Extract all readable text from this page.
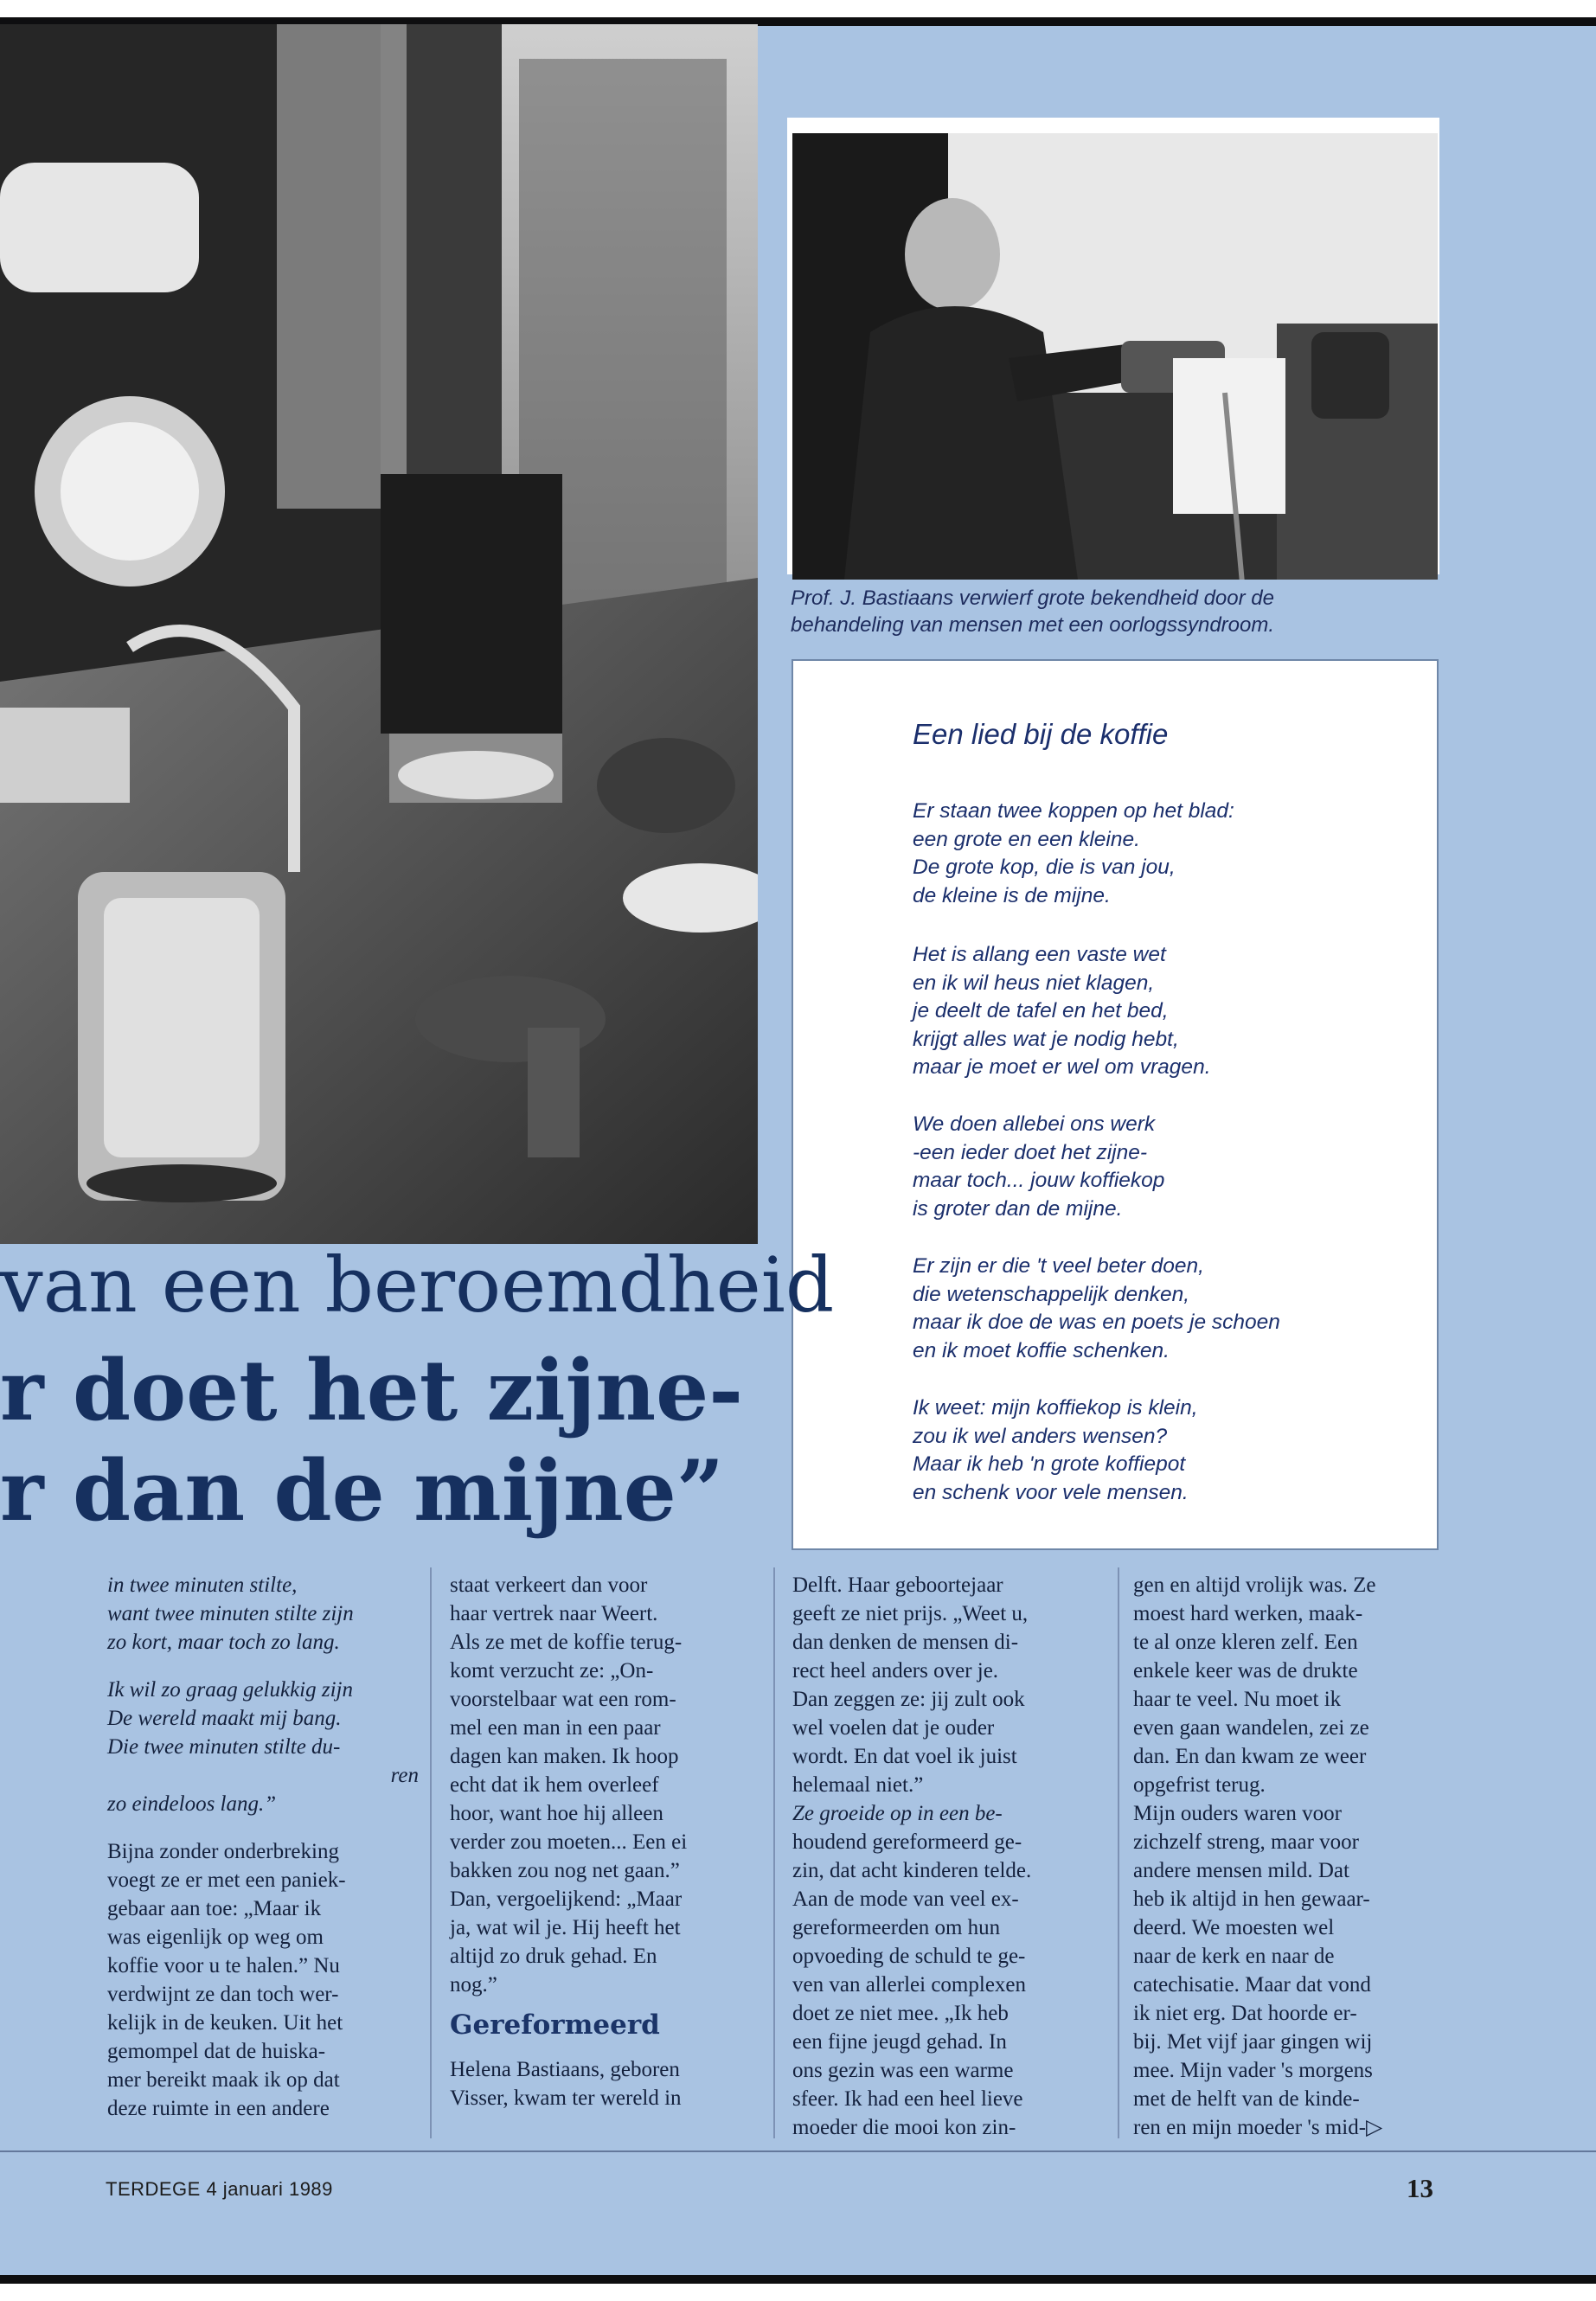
Prof. J. Bastiaans verwierf grote bekendheid door de
behandeling van mensen met een oorlogssyndroom.
Een lied bij de koffie
Er staan twee koppen op het blad:
een grote en een kleine.
De grote kop, die is van jou,
de kleine is de mijne.
Het is allang een vaste wet
en ik wil heus niet klagen,
je deelt de tafel en het bed,
krijgt alles wat je nodig hebt,
maar je moet er wel om vragen.
We doen allebei ons werk
-een ieder doet het zijne-
maar toch... jouw koffiekop
is groter dan de mijne.
Er zijn er die 't veel beter doen,
die wetenschappelijk denken,
maar ik doe de was en poets je schoen
en ik moet koffie schenken.
Ik weet: mijn koffiekop is klein,
zou ik wel anders wensen?
Maar ik heb 'n grote koffiepot
en schenk voor vele mensen.
van een beroemdheid
r doet het zijne-
r dan de mijne”
in twee minuten stilte,
want twee minuten stilte zijn
zo kort, maar toch zo lang.
Ik wil zo graag gelukkig zijn
De wereld maakt mij bang.
Die twee minuten stilte du-
ren
zo eindeloos lang.”
Bijna zonder onderbreking
voegt ze er met een paniek-
gebaar aan toe: „Maar ik
was eigenlijk op weg om
koffie voor u te halen.” Nu
verdwijnt ze dan toch wer-
kelijk in de keuken. Uit het
gemompel dat de huiska-
mer bereikt maak ik op dat
deze ruimte in een andere
staat verkeert dan voor
haar vertrek naar Weert.
Als ze met de koffie terug-
komt verzucht ze: „On-
voorstelbaar wat een rom-
mel een man in een paar
dagen kan maken. Ik hoop
echt dat ik hem overleef
hoor, want hoe hij alleen
verder zou moeten... Een ei
bakken zou nog net gaan.”
Dan, vergoelijkend: „Maar
ja, wat wil je. Hij heeft het
altijd zo druk gehad. En
nog.”
Gereformeerd
Helena Bastiaans, geboren
Visser, kwam ter wereld in
Delft. Haar geboortejaar
geeft ze niet prijs. „Weet u,
dan denken de mensen di-
rect heel anders over je.
Dan zeggen ze: jij zult ook
wel voelen dat je ouder
wordt. En dat voel ik juist
helemaal niet.”
Ze groeide op in een be-
houdend gereformeerd ge-
zin, dat acht kinderen telde.
Aan de mode van veel ex-
gereformeerden om hun
opvoeding de schuld te ge-
ven van allerlei complexen
doet ze niet mee. „Ik heb
een fijne jeugd gehad. In
ons gezin was een warme
sfeer. Ik had een heel lieve
moeder die mooi kon zin-
gen en altijd vrolijk was. Ze
moest hard werken, maak-
te al onze kleren zelf. Een
enkele keer was de drukte
haar te veel. Nu moet ik
even gaan wandelen, zei ze
dan. En dan kwam ze weer
opgefrist terug.
Mijn ouders waren voor
zichzelf streng, maar voor
andere mensen mild. Dat
heb ik altijd in hen gewaar-
deerd. We moesten wel
naar de kerk en naar de
catechisatie. Maar dat vond
ik niet erg. Dat hoorde er-
bij. Met vijf jaar gingen wij
mee. Mijn vader 's morgens
met de helft van de kinde-
ren en mijn moeder 's mid-▷
TERDEGE 4 januari 1989	13
